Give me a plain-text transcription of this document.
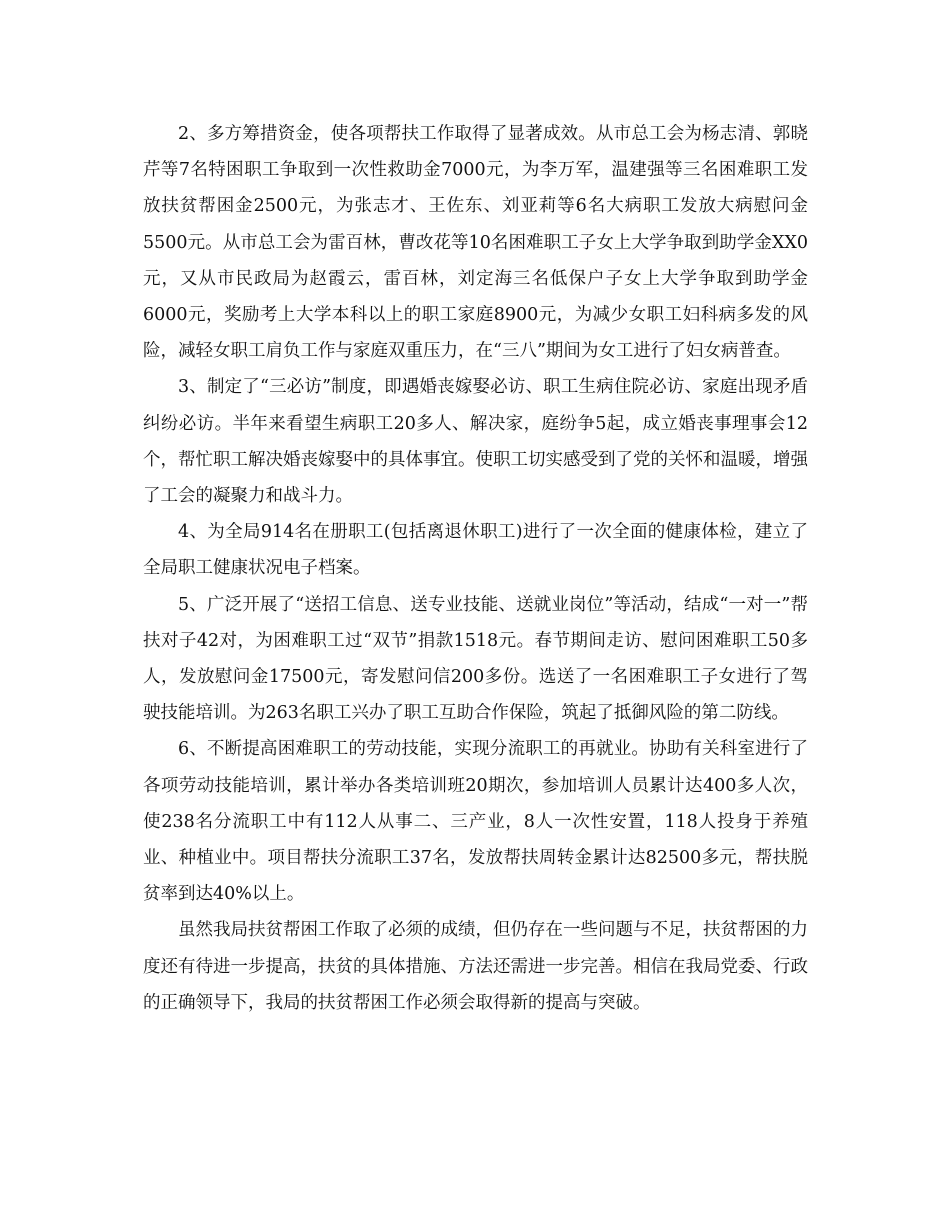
2、多方筹措资金，使各项帮扶工作取得了显著成效。从市总工会为杨志清、郭晓芹等7名特困职工争取到一次性救助金7000元，为李万军，温建强等三名困难职工发放扶贫帮困金2500元，为张志才、王佐东、刘亚莉等6名大病职工发放大病慰问金5500元。从市总工会为雷百林，曹改花等10名困难职工子女上大学争取到助学金XX0元，又从市民政局为赵霞云，雷百林，刘定海三名低保户子女上大学争取到助学金6000元，奖励考上大学本科以上的职工家庭8900元，为减少女职工妇科病多发的风险，减轻女职工肩负工作与家庭双重压力，在“三八”期间为女工进行了妇女病普查。

3、制定了“三必访”制度，即遇婚丧嫁娶必访、职工生病住院必访、家庭出现矛盾纠纷必访。半年来看望生病职工20多人、解决家，庭纷争5起，成立婚丧事理事会12个，帮忙职工解决婚丧嫁娶中的具体事宜。使职工切实感受到了党的关怀和温暖，增强了工会的凝聚力和战斗力。

4、为全局914名在册职工(包括离退休职工)进行了一次全面的健康体检，建立了全局职工健康状况电子档案。

5、广泛开展了“送招工信息、送专业技能、送就业岗位”等活动，结成“一对一”帮扶对子42对，为困难职工过“双节”捐款1518元。春节期间走访、慰问困难职工50多人，发放慰问金17500元，寄发慰问信200多份。选送了一名困难职工子女进行了驾驶技能培训。为263名职工兴办了职工互助合作保险，筑起了抵御风险的第二防线。

6、不断提高困难职工的劳动技能，实现分流职工的再就业。协助有关科室进行了各项劳动技能培训，累计举办各类培训班20期次，参加培训人员累计达400多人次，使238名分流职工中有112人从事二、三产业，8人一次性安置，118人投身于养殖业、种植业中。项目帮扶分流职工37名，发放帮扶周转金累计达82500多元，帮扶脱贫率到达40%以上。

虽然我局扶贫帮困工作取了必须的成绩，但仍存在一些问题与不足，扶贫帮困的力度还有待进一步提高，扶贫的具体措施、方法还需进一步完善。相信在我局党委、行政的正确领导下，我局的扶贫帮困工作必须会取得新的提高与突破。
